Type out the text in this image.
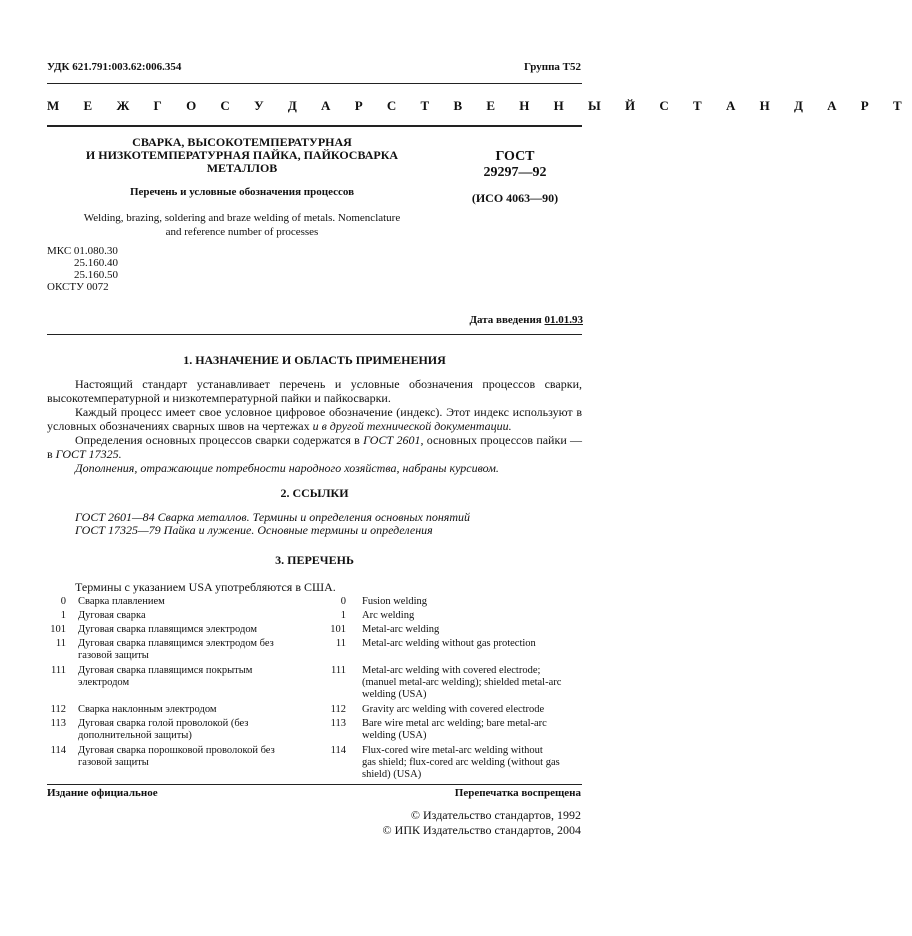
УДК 621.791:003.62:006.354	Группа Т52
М Е Ж Г О С У Д А Р С Т В Е Н Н Ы Й С Т А Н Д А Р Т
СВАРКА, ВЫСОКОТЕМПЕРАТУРНАЯ
И НИЗКОТЕМПЕРАТУРНАЯ ПАЙКА, ПАЙКОСВАРКА
МЕТАЛЛОВ
Перечень и условные обозначения процессов
Welding, brazing, soldering and braze welding of metals. Nomenclature
and reference number of processes
ГОСТ
29297—92
(ИСО 4063—90)
МКС 01.080.30
25.160.40
25.160.50
ОКСТУ 0072
Дата введения 01.01.93
1. НАЗНАЧЕНИЕ И ОБЛАСТЬ ПРИМЕНЕНИЯ
Настоящий стандарт устанавливает перечень и условные обозначения процессов сварки, высокотемпературной и низкотемпературной пайки и пайкосварки.
Каждый процесс имеет свое условное цифровое обозначение (индекс). Этот индекс используют в условных обозначениях сварных швов на чертежах и в другой технической документации.
Определения основных процессов сварки содержатся в ГОСТ 2601, основных процессов пайки — в ГОСТ 17325.
Дополнения, отражающие потребности народного хозяйства, набраны курсивом.
2. ССЫЛКИ
ГОСТ 2601—84 Сварка металлов. Термины и определения основных понятий
ГОСТ 17325—79 Пайка и лужение. Основные термины и определения
3. ПЕРЕЧЕНЬ
Термины с указанием USA употребляются в США.
0 Сварка плавлением	0 Fusion welding
1 Дуговая сварка	1 Arc welding
101 Дуговая сварка плавящимся электродом	101 Metal-arc welding
11 Дуговая сварка плавящимся электродом без
газовой защиты
11 Metal-arc welding without gas protection
111 Дуговая сварка плавящимся покрытым
электродом
111 Metal-arc welding with covered electrode;
(manuel metal-arc welding); shielded metal-arc
welding (USA)
112 Сварка наклонным электродом	112 Gravity arc welding with covered electrode
113 Дуговая сварка голой проволокой (без
дополнительной защиты)
113 Bare wire metal arc welding; bare metal-arc
welding (USA)
114 Дуговая сварка порошковой проволокой без
газовой защиты
114 Flux-cored wire metal-arc welding without
gas shield; flux-cored arc welding (without gas
shield) (USA)
Издание официальное	Перепечатка воспрещена
© Издательство стандартов, 1992
© ИПК Издательство стандартов, 2004
